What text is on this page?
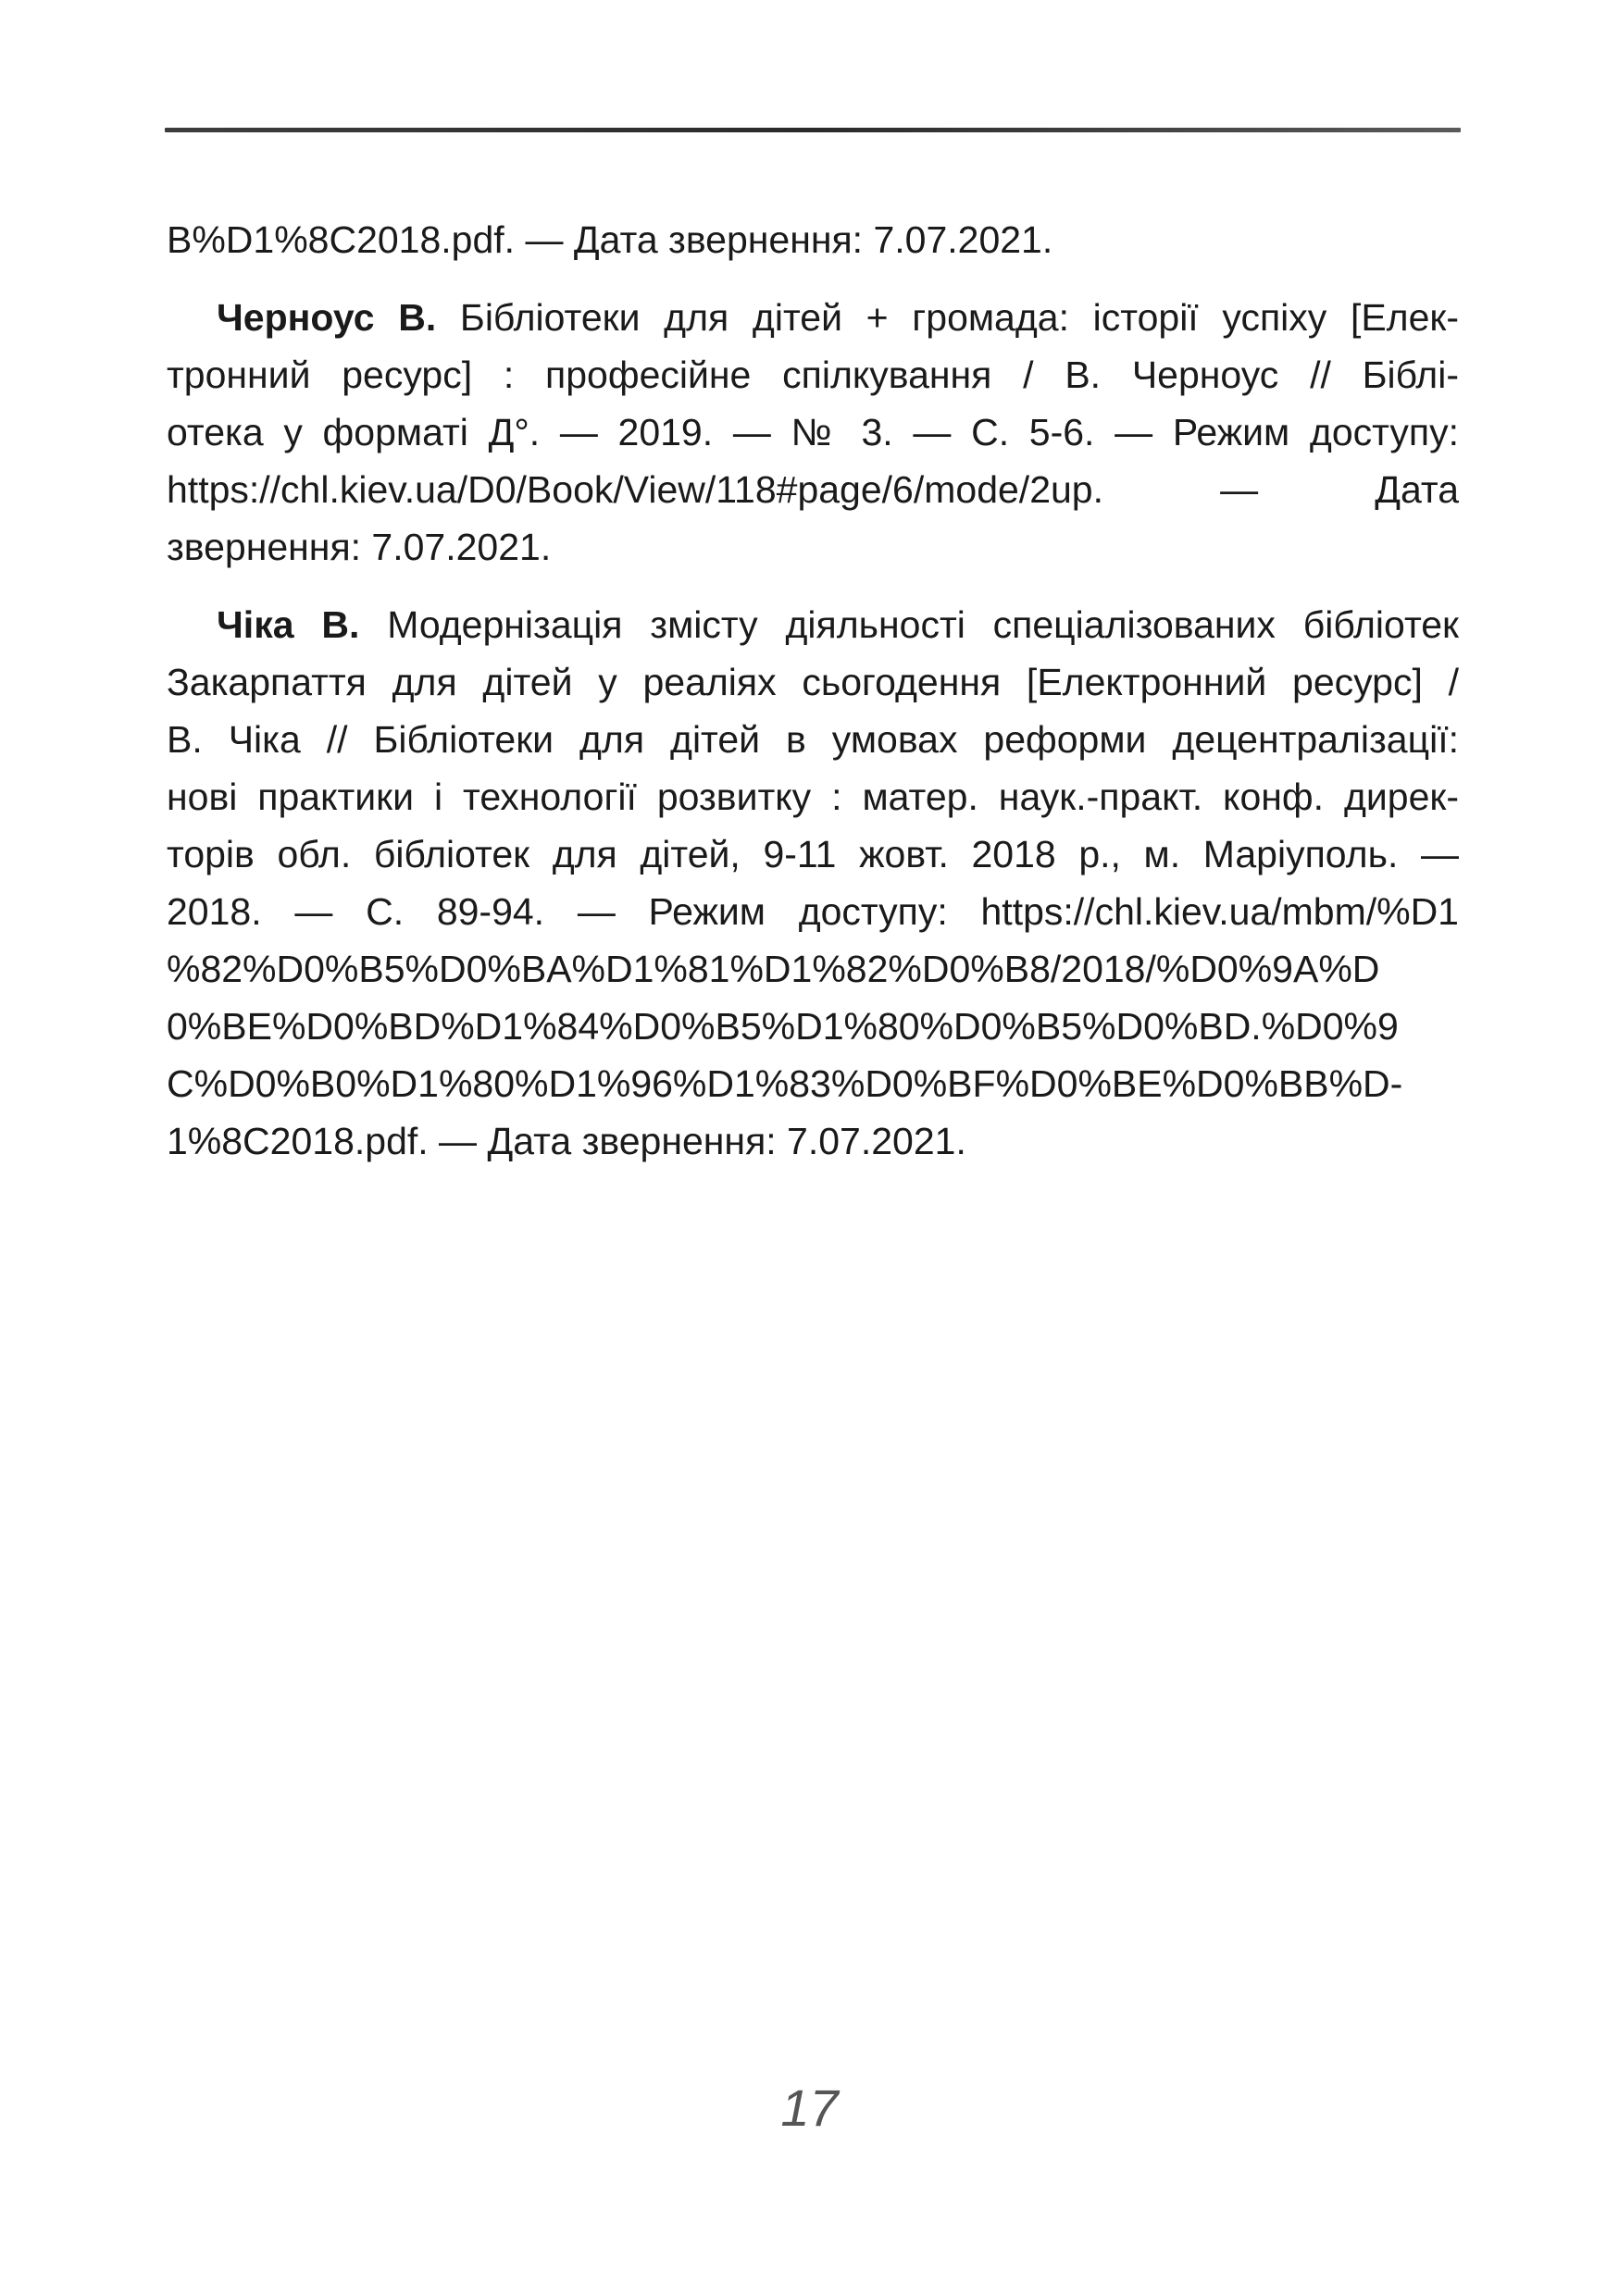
В%D1%8C2018.pdf. — Дата звернення: 7.07.2021.
Черноус В. Бібліотеки для дітей + громада: історії успіху [Елек-
тронний ресурс] : професійне спілкування / В. Черноус // Біблі-
отека у форматі Д°. — 2019. — № 3. — С. 5-6. — Режим доступу:
https://chl.kiev.ua/D0/Book/View/118#page/6/mode/2up. — Дата
звернення: 7.07.2021.
Чіка В. Модернізація змісту діяльності спеціалізованих бібліотек
Закарпаття для дітей у реаліях сьогодення [Електронний ресурс] /
В. Чіка // Бібліотеки для дітей в умовах реформи децентралізації:
нові практики і технології розвитку : матер. наук.-практ. конф. дирек-
торів обл. бібліотек для дітей, 9-11 жовт. 2018 р., м. Маріуполь. —
2018. — С. 89-94. — Режим доступу: https://chl.kiev.ua/mbm/%D1
%82%D0%B5%D0%BA%D1%81%D1%82%D0%B8/2018/%D0%9A%D
0%BE%D0%BD%D1%84%D0%B5%D1%80%D0%B5%D0%BD.%D0%9
C%D0%B0%D1%80%D1%96%D1%83%D0%BF%D0%BE%D0%BB%D-
1%8C2018.pdf. — Дата звернення: 7.07.2021.
17
